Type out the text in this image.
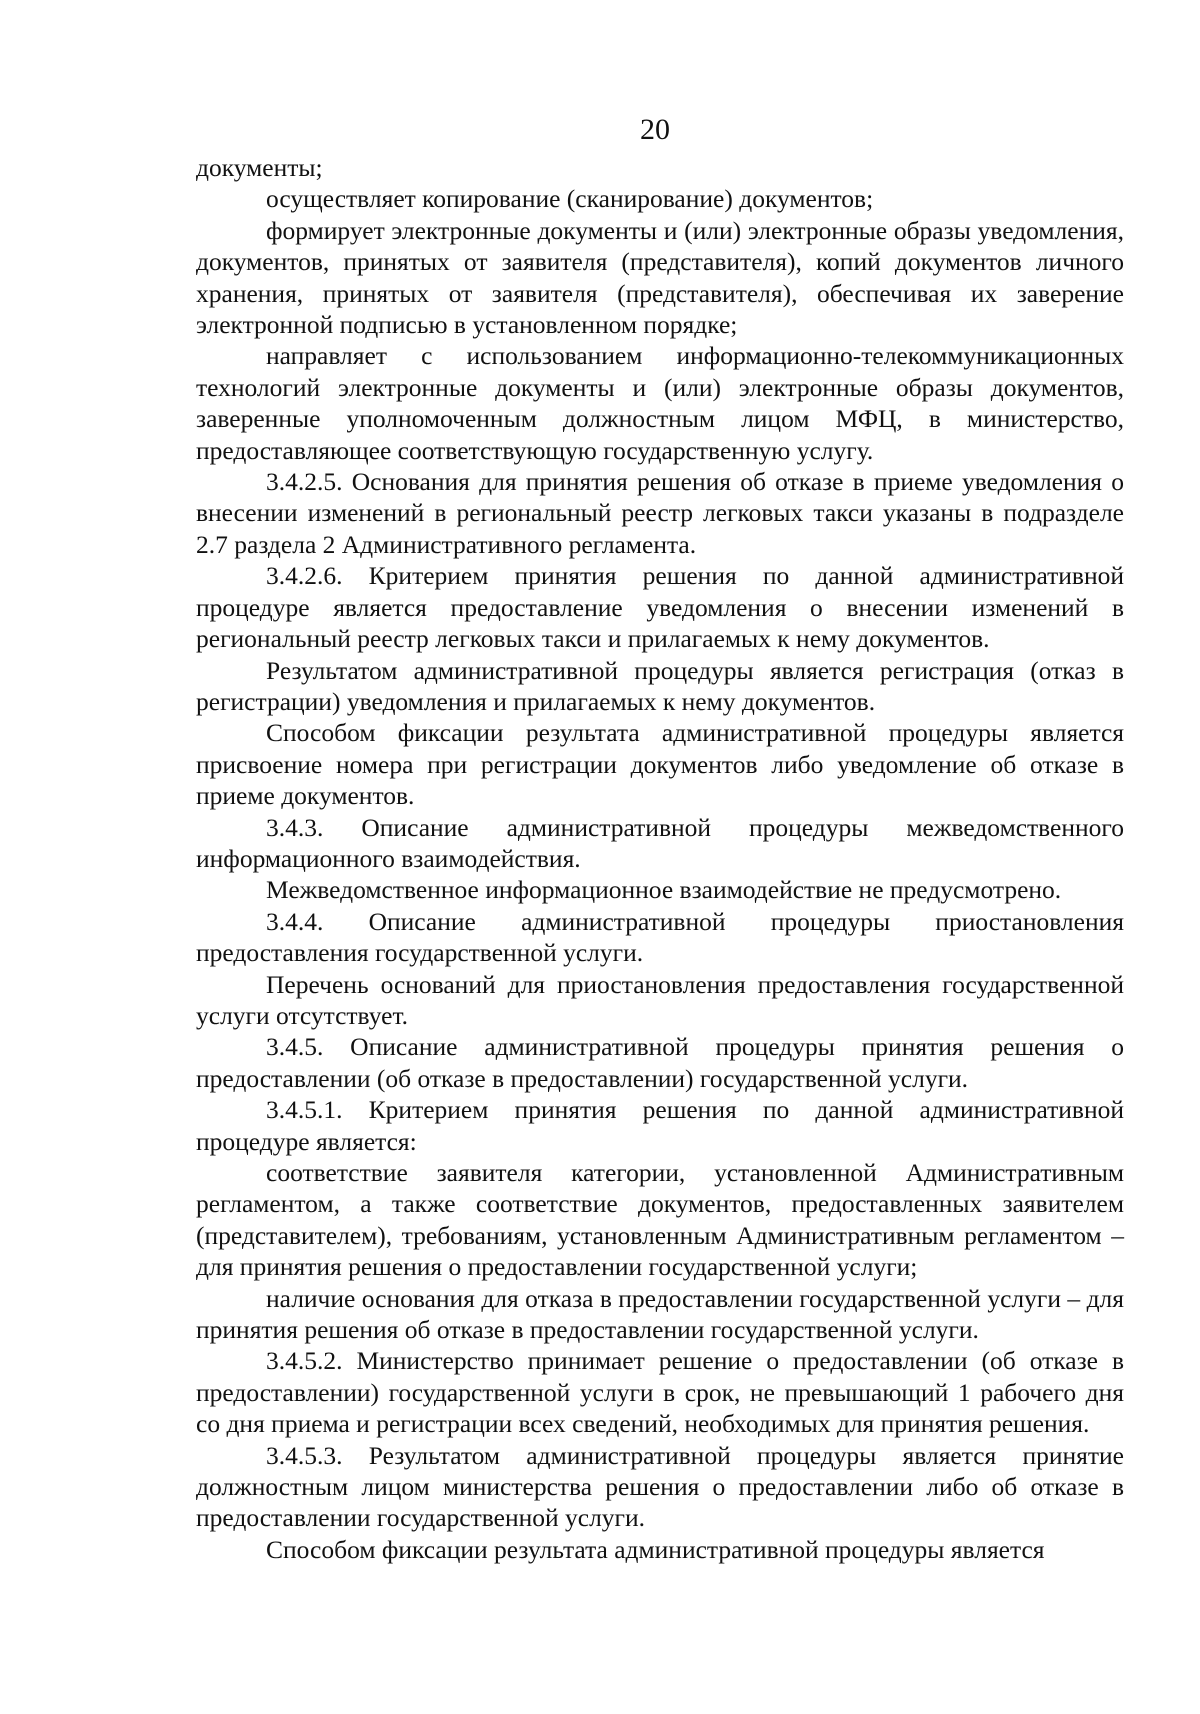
20

документы;

осуществляет копирование (сканирование) документов;

формирует электронные документы и (или) электронные образы уведомления, документов, принятых от заявителя (представителя), копий документов личного хранения, принятых от заявителя (представителя), обеспечивая их заверение электронной подписью в установленном порядке;

направляет с использованием информационно-телекоммуникационных технологий электронные документы и (или) электронные образы документов, заверенные уполномоченным должностным лицом МФЦ, в министерство, предоставляющее соответствующую государственную услугу.

3.4.2.5. Основания для принятия решения об отказе в приеме уведомления о внесении изменений в региональный реестр легковых такси указаны в подразделе 2.7 раздела 2 Административного регламента.

3.4.2.6. Критерием принятия решения по данной административной процедуре является предоставление уведомления о внесении изменений в региональный реестр легковых такси и прилагаемых к нему документов.

Результатом административной процедуры является регистрация (отказ в регистрации) уведомления и прилагаемых к нему документов.

Способом фиксации результата административной процедуры является присвоение номера при регистрации документов либо уведомление об отказе в приеме документов.

3.4.3. Описание административной процедуры межведомственного информационного взаимодействия.

Межведомственное информационное взаимодействие не предусмотрено.

3.4.4. Описание административной процедуры приостановления предоставления государственной услуги.

Перечень оснований для приостановления предоставления государственной услуги отсутствует.

3.4.5. Описание административной процедуры принятия решения о предоставлении (об отказе в предоставлении) государственной услуги.

3.4.5.1. Критерием принятия решения по данной административной процедуре является:

соответствие заявителя категории, установленной Административным регламентом, а также соответствие документов, предоставленных заявителем (представителем), требованиям, установленным Административным регламентом – для принятия решения о предоставлении государственной услуги;

наличие основания для отказа в предоставлении государственной услуги – для принятия решения об отказе в предоставлении государственной услуги.

3.4.5.2. Министерство принимает решение о предоставлении (об отказе в предоставлении) государственной услуги в срок, не превышающий 1 рабочего дня со дня приема и регистрации всех сведений, необходимых для принятия решения.

3.4.5.3. Результатом административной процедуры является принятие должностным лицом министерства решения о предоставлении либо об отказе в предоставлении государственной услуги.

Способом фиксации результата административной процедуры является
